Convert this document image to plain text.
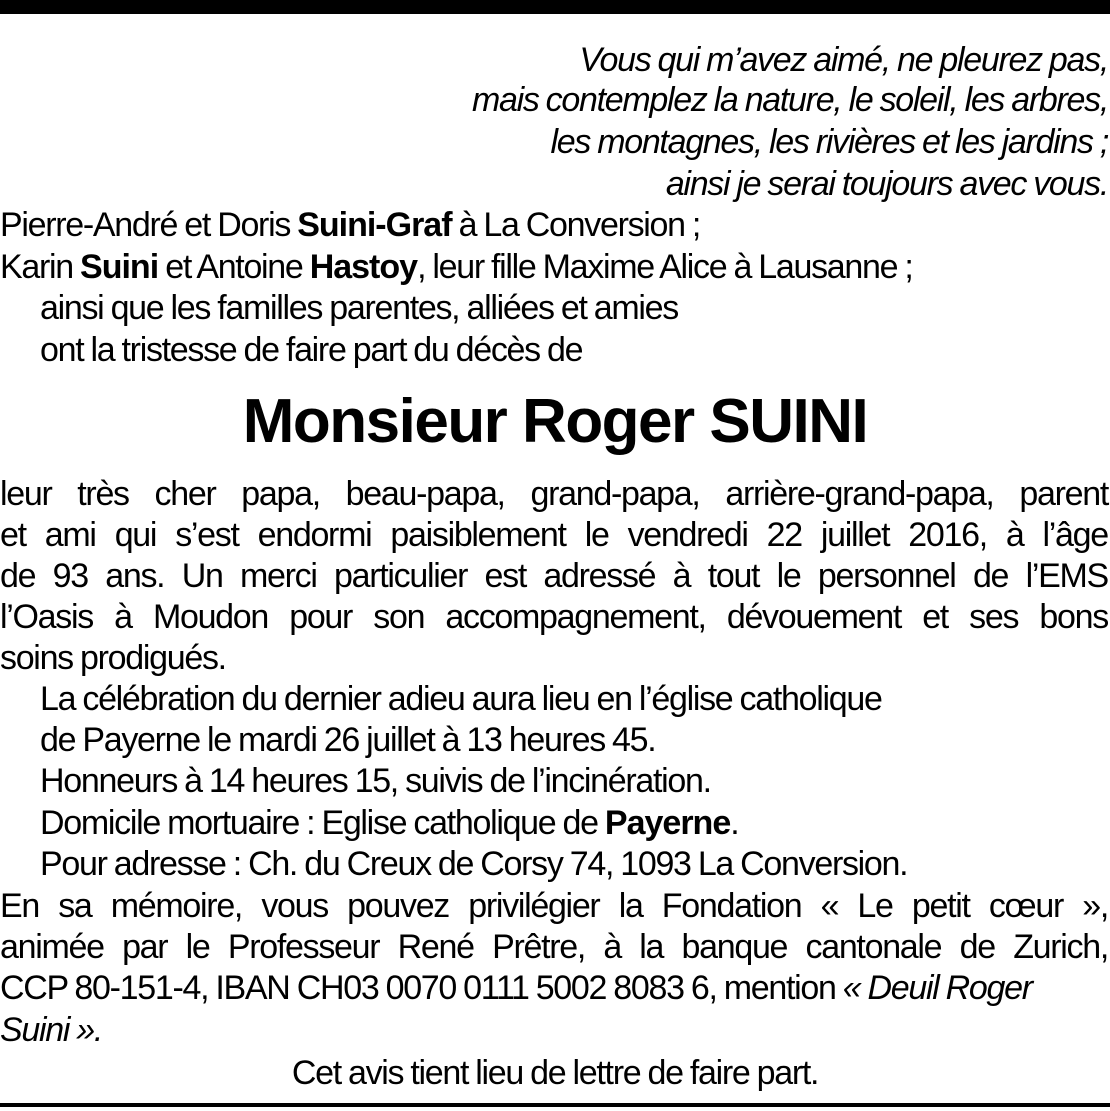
Vous qui m’avez aimé, ne pleurez pas,
mais contemplez la nature, le soleil, les arbres,
les montagnes, les rivières et les jardins ;
ainsi je serai toujours avec vous.
Pierre-André et Doris Suini-Graf à La Conversion ;
Karin Suini et Antoine Hastoy, leur fille Maxime Alice à Lausanne ;
ainsi que les familles parentes, alliées et amies
ont la tristesse de faire part du décès de
Monsieur Roger SUINI
leur très cher papa, beau-papa, grand-papa, arrière-grand-papa, parent
et ami qui s’est endormi paisiblement le vendredi 22 juillet 2016, à l’âge
de 93 ans. Un merci particulier est adressé à tout le personnel de l’EMS
l’Oasis à Moudon pour son accompagnement, dévouement et ses bons
soins prodigués.
La célébration du dernier adieu aura lieu en l’église catholique
de Payerne le mardi 26 juillet à 13 heures 45.
Honneurs à 14 heures 15, suivis de l’incinération.
Domicile mortuaire : Eglise catholique de Payerne.
Pour adresse : Ch. du Creux de Corsy 74, 1093 La Conversion.
En sa mémoire, vous pouvez privilégier la Fondation « Le petit cœur »,
animée par le Professeur René Prêtre, à la banque cantonale de Zurich,
CCP 80-151-4, IBAN CH03 0070 0111 5002 8083 6, mention « Deuil Roger
Suini ».
Cet avis tient lieu de lettre de faire part.
